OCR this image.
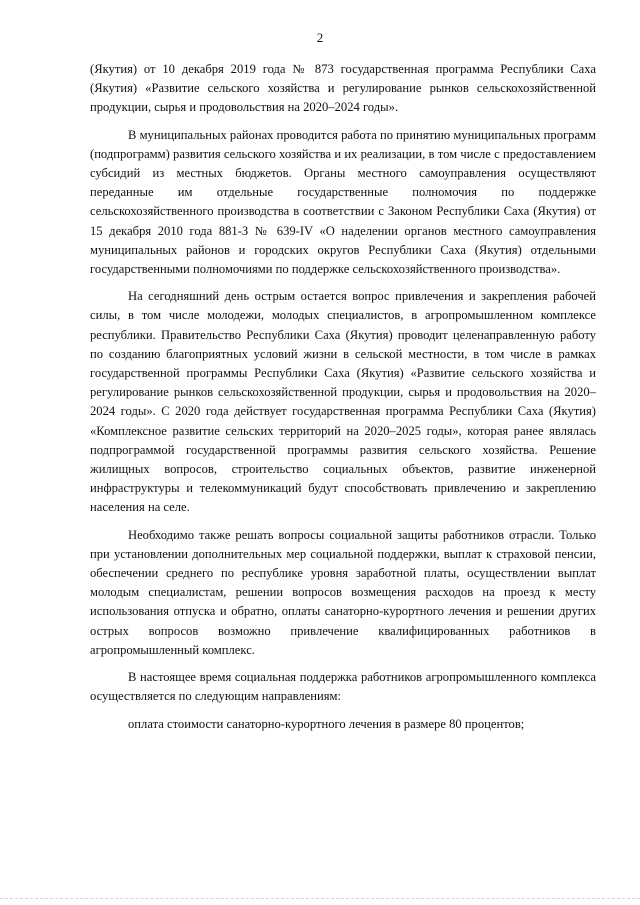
2

(Якутия) от 10 декабря 2019 года № 873 государственная программа Республики Саха (Якутия) «Развитие сельского хозяйства и регулирование рынков сельскохозяйственной продукции, сырья и продовольствия на 2020–2024 годы».

В муниципальных районах проводится работа по принятию муниципальных программ (подпрограмм) развития сельского хозяйства и их реализации, в том числе с предоставлением субсидий из местных бюджетов. Органы местного самоуправления осуществляют переданные им отдельные государственные полномочия по поддержке сельскохозяйственного производства в соответствии с Законом Республики Саха (Якутия) от 15 декабря 2010 года 881-З № 639-IV «О наделении органов местного самоуправления муниципальных районов и городских округов Республики Саха (Якутия) отдельными государственными полномочиями по поддержке сельскохозяйственного производства».

На сегодняшний день острым остается вопрос привлечения и закрепления рабочей силы, в том числе молодежи, молодых специалистов, в агропромышленном комплексе республики. Правительство Республики Саха (Якутия) проводит целенаправленную работу по созданию благоприятных условий жизни в сельской местности, в том числе в рамках государственной программы Республики Саха (Якутия) «Развитие сельского хозяйства и регулирование рынков сельскохозяйственной продукции, сырья и продовольствия на 2020–2024 годы». С 2020 года действует государственная программа Республики Саха (Якутия) «Комплексное развитие сельских территорий на 2020–2025 годы», которая ранее являлась подпрограммой государственной программы развития сельского хозяйства. Решение жилищных вопросов, строительство социальных объектов, развитие инженерной инфраструктуры и телекоммуникаций будут способствовать привлечению и закреплению населения на селе.

Необходимо также решать вопросы социальной защиты работников отрасли. Только при установлении дополнительных мер социальной поддержки, выплат к страховой пенсии, обеспечении среднего по республике уровня заработной платы, осуществлении выплат молодым специалистам, решении вопросов возмещения расходов на проезд к месту использования отпуска и обратно, оплаты санаторно-курортного лечения и решении других острых вопросов возможно привлечение квалифицированных работников в агропромышленный комплекс.

В настоящее время социальная поддержка работников агропромышленного комплекса осуществляется по следующим направлениям:

оплата стоимости санаторно-курортного лечения в размере 80 процентов;
